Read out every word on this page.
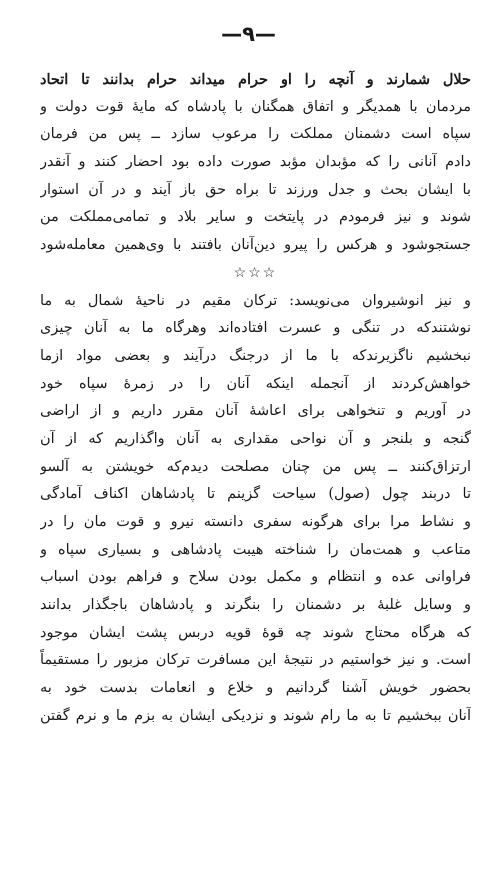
—٩—
حلال شمارند و آنچه را او حرام میداند حرام بدانند تا اتحاد
مردمان با همدیگر و اتفاق همگنان با پادشاه که مایهٔ قوت دولت و
سپاه است دشمنان مملکت را مرعوب سازد ــ پس من فرمان
دادم آنانی را که مؤبدان مؤبد صورت داده بود احضار کنند و آنقدر
با ایشان بحث و جدل ورزند تا براه حق باز آیند و در آن استوار
شوند و نیز فرمودم در پایتخت و سایر بلاد و تمامی‌مملکت من
جستجوشود و هرکس را پیرو دین‌آنان بافتند با وی‌همین معامله‌شود
☆☆☆
و نیز انوشیروان می‌نویسد: ترکان مقیم در ناحیهٔ شمال به ما
نوشتندکه در تنگی و عسرت افتاده‌اند وهرگاه ما به آنان چیزی
نبخشیم ناگزیرندکه با ما از درجنگ درآیند و بعضی مواد ازما
خواهش‌کردند از آنجمله اینکه آنان را در زمرهٔ سپاه خود
در آوریم و تنخواهی برای اعاشهٔ آنان مقرر داریم و از اراضی
گنجه و بلنجر و آن نواحی مقداری به آنان واگذاریم که از آن
ارتزاق‌کنند ــ پس من چنان مصلحت دیدم‌که خویشتن به آلسو
تا دربند چول (صول) سیاحت گزینم تا پادشاهان اکناف آمادگی
و نشاط مرا برای هرگونه سفری دانسته نیرو و قوت مان را در
متاعب و همت‌مان را شناخته هیبت پادشاهی و بسیاری سپاه و
فراوانی عده و انتظام و مکمل بودن سلاح و فراهم بودن اسباب
و وسایل غلبهٔ بر دشمنان را بنگرند و پادشاهان باجگذار بدانند
که هرگاه محتاج شوند چه قوهٔ قویه دربس پشت ایشان موجود
است. و نیز خواستیم در نتیجهٔ این مسافرت ترکان مزبور را مستقیماً
بحضور خویش آشنا گردانیم و خلاع و انعامات بدست خود به
آنان ببخشیم تا به ما رام شوند و نزدیکی ایشان به بزم ما و نرم گفتن
